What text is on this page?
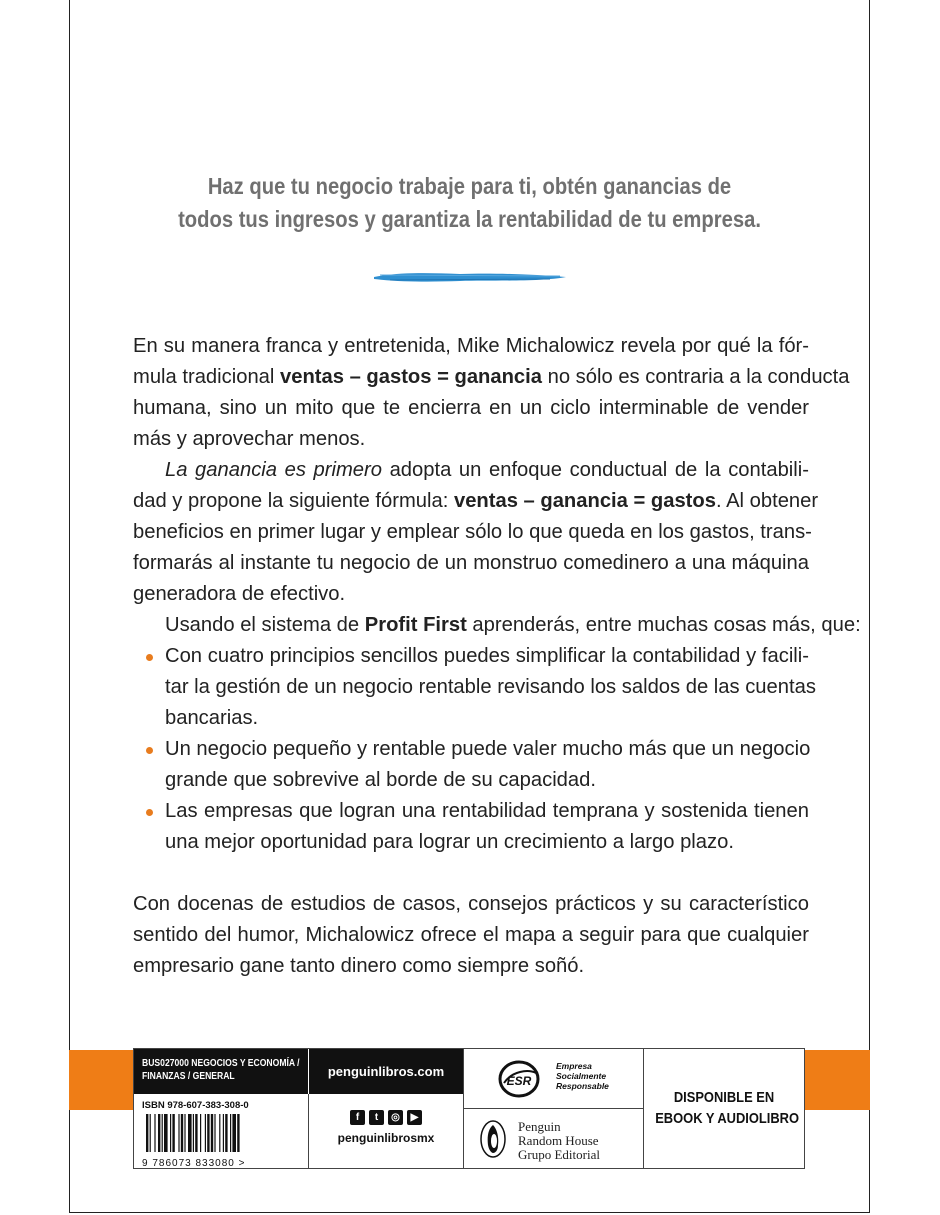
Haz que tu negocio trabaje para ti, obtén ganancias de
todos tus ingresos y garantiza la rentabilidad de tu empresa.

En su manera franca y entretenida, Mike Michalowicz revela por qué la fór-
mula tradicional ventas – gastos = ganancia no sólo es contraria a la conducta
humana, sino un mito que te encierra en un ciclo interminable de vender
más y aprovechar menos.

La ganancia es primero adopta un enfoque conductual de la contabili-
dad y propone la siguiente fórmula: ventas – ganancia = gastos. Al obtener
beneficios en primer lugar y emplear sólo lo que queda en los gastos, trans-
formarás al instante tu negocio de un monstruo comedinero a una máquina
generadora de efectivo.

Usando el sistema de Profit First aprenderás, entre muchas cosas más, que:

Con cuatro principios sencillos puedes simplificar la contabilidad y facili-
tar la gestión de un negocio rentable revisando los saldos de las cuentas
bancarias.
Un negocio pequeño y rentable puede valer mucho más que un negocio
grande que sobrevive al borde de su capacidad.
Las empresas que logran una rentabilidad temprana y sostenida tienen
una mejor oportunidad para lograr un crecimiento a largo plazo.

Con docenas de estudios de casos, consejos prácticos y su característico
sentido del humor, Michalowicz ofrece el mapa a seguir para que cualquier
empresario gane tanto dinero como siempre soñó.

BUS027000 NEGOCIOS Y ECONOMÍA /
FINANZAS / GENERAL
ISBN 978-607-383-308-0
9 786073 833080 >
penguinlibros.com
f	t	◎	▶
penguinlibrosmx
ESR
Empresa
Socialmente
Responsable
Penguin
Random House
Grupo Editorial
DISPONIBLE EN
EBOOK Y AUDIOLIBRO
